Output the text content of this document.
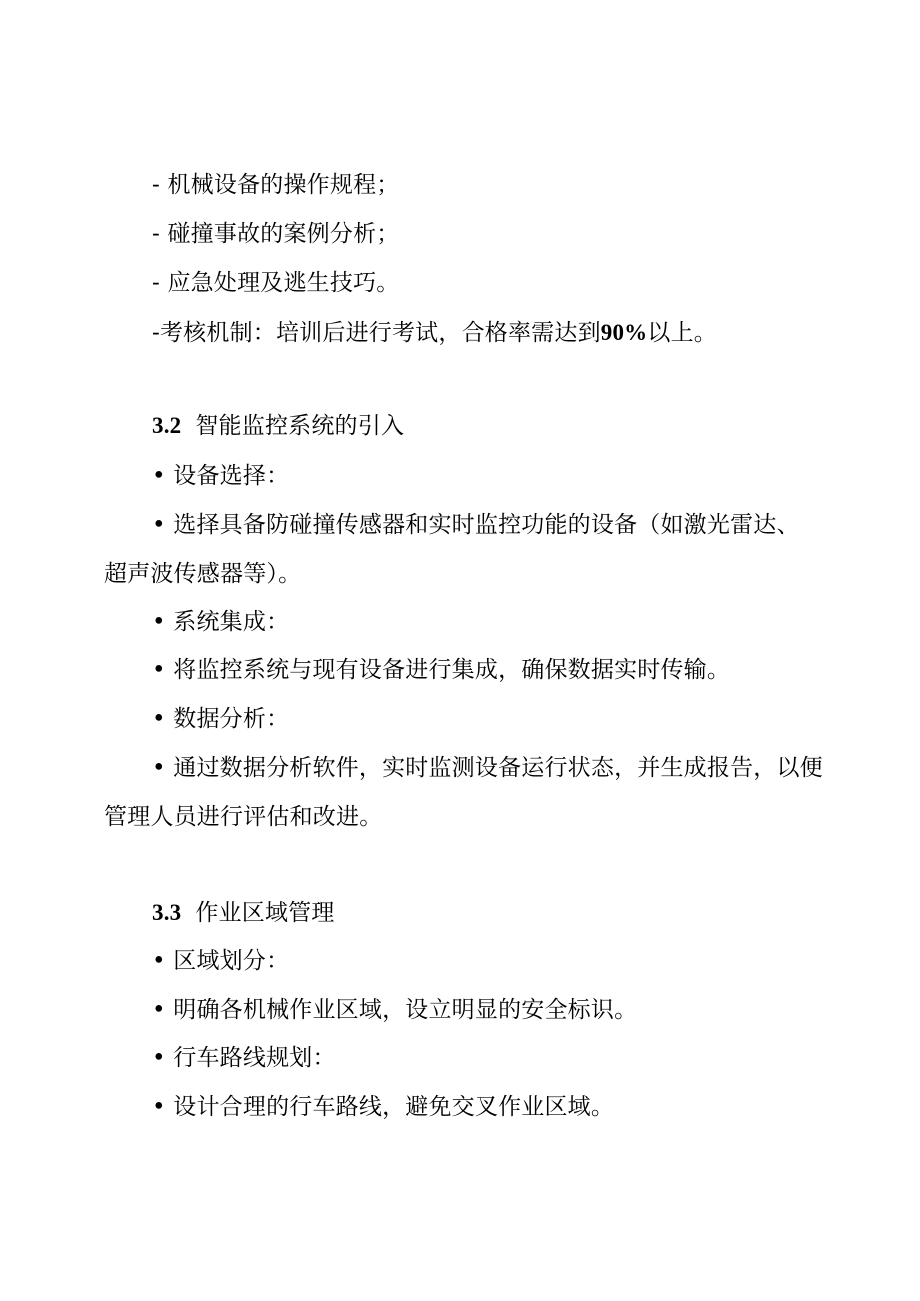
- 机械设备的操作规程；
- 碰撞事故的案例分析；
- 应急处理及逃生技巧。
-考核机制：培训后进行考试，合格率需达到90%以上。
3.2 智能监控系统的引入
• 设备选择：
• 选择具备防碰撞传感器和实时监控功能的设备（如激光雷达、
超声波传感器等）。
• 系统集成：
• 将监控系统与现有设备进行集成，确保数据实时传输。
• 数据分析：
• 通过数据分析软件，实时监测设备运行状态，并生成报告，以便
管理人员进行评估和改进。
3.3 作业区域管理
• 区域划分：
• 明确各机械作业区域，设立明显的安全标识。
• 行车路线规划：
• 设计合理的行车路线，避免交叉作业区域。
